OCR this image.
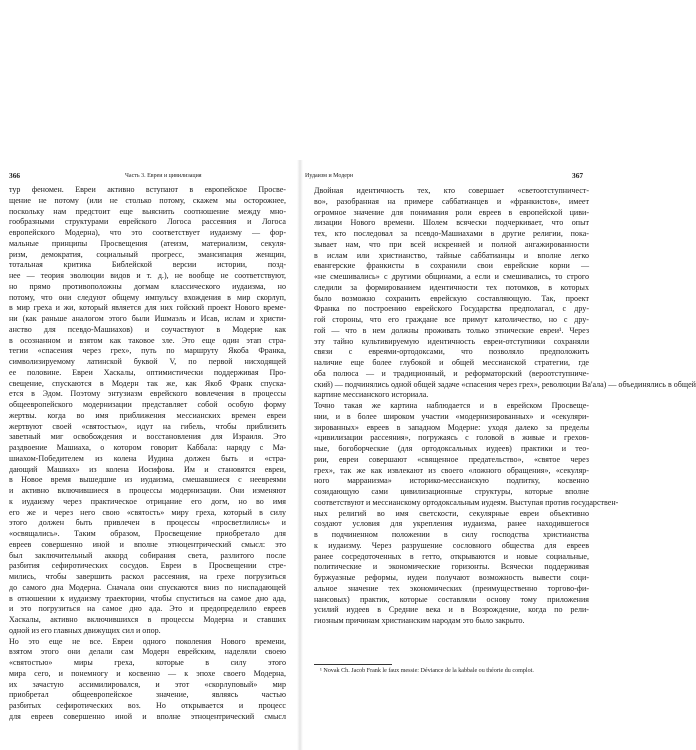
366	Часть 3. Евреи и цивилизация
тур феномен. Евреи активно вступают в европейское Просве-
щение не потому (или не столько потому, скажем мы осторожнее,
поскольку нам предстоит еще выяснить соотношение между мно-
гообразными структурами еврейского Логоса рассеяния и Логоса
европейского Модерна), что это соответствует иудаизму — фор-
мальные принципы Просвещения (атеизм, материализм, секуля-
ризм, демократия, социальный прогресс, эмансипация женщин,
тотальная критика Библейской версии истории, позд-
нее — теория эволюции видов и т. д.), не вообще не соответствуют,
но прямо противоположны догмам классического иудаизма, но
потому, что они следуют общему импульсу вхождения в мир скорлуп,
в мир греха и жи, который является для них гойский проект Нового време-
ни (как раньше аналогом этого были Ишмаэль и Исав, ислам и христи-
анство для псевдо-Машиахов) и соучаствуют в Модерне как
в осознанном и взятом как таковое зле. Это еще один этап стра-
тегии «спасения через грех», путь по маршруту Якоба Франка,
символизируемому латинской буквой V, по первой нисходящей
ее половине. Евреи Хаскалы, оптимистически поддерживая Про-
свещение, спускаются в Модерн так же, как Якоб Франк спуска-
ется в Эдом. Поэтому энтузиазм еврейского вовлечения в процессы
общеевропейского модернизации представляет собой особую форму
жертвы. когда во имя приближения мессианских времен евреи
жертвуют своей «святостью», идут на гибель, чтобы приблизить
заветный миг освобождения и восстановления для Израиля. Это
раздвоение Машиаха, о котором говорит Каббала: наряду с Ма-
шиахом-Победителем из колена Иудина должен быть и «стра-
дающий Машиах» из колена Иосифова. Им и становятся евреи,
в Новое время вышедшие из иудаизма, смешавшиеся с неевреями
и активно включившиеся в процессы модернизации. Они изменяют
к иудаизму через практическое отрицание его догм, но во имя
его же и через него свою «святость» миру греха, который в силу
этого должен быть привлечен в процессы «просветлились» и
«освящались». Таким образом, Просвещение приобретало для
евреев совершенно иной и вполне этноцентрический смысл: это
был заключительный аккорд собирания света, разлитого после
разбития сефиротических сосудов. Евреи в Просвещении стре-
мились, чтобы завершить раскол рассеяния, на грехе погрузиться
до самого дна Модерна. Сначала они спускаются вниз по ниспадающей
в отношении к иудаизму траектории, чтобы спуститься на самое дно ада,
и это погрузиться на самое дно ада. Это и предопределило евреев
Хаскалы, активно включившихся в процессы Модерна и ставших
одной из его главных движущих сил и опор.
Но это еще не все. Евреи одного поколения Нового времени,
взятом этого они делали сам Модерн еврейским, наделяли своею
«святостью» миры греха, которые в силу этого
мира сего, и понемногу и косвенно — к эпохе своего Модерна,
их зачастую ассимилировался, и этот «скорлуповый» мир
приобретал общеевропейское значение, являясь частью
разбитых сефиротических воз. Но открывается и процесс
для евреев совершенно иной и вполне этноцентрический смысл
Иудаизм и Модерн	367
Двойная идентичность тех, кто совершает «светоотступничест-
во», разобранная на примере саббатианцев и «франкистов», имеет
огромное значение для понимания роли евреев в европейской циви-
лизации Нового времени. Шолем всячески подчеркивает, что опыт
тех, кто последовал за псевдо-Машиахами в другие религии, пока-
зывает нам, что при всей искренней и полной ангажированности
в ислам или христианство, тайные саббатианцы и вполне легко
евангерские франкисты в сохранили свои еврейские корни —
«не смешивались» с другими общинами, а если и смешивались, то строго
следили за формированием идентичности тех потомков, в которых
было возможно сохранить еврейскую составляющую. Так, проект
Франка по построению еврейского Государства предполагал, с дру-
гой стороны, что его граждане все примут католичество, но с дру-
гой — что в нем должны проживать только этнические евреи¹. Через
эту тайно культивируемую идентичность евреи-отступники сохраняли
связи с евреями-ортодоксами, что позволяло предположить
наличие еще более глубокой и общей мессианской стратегии, где
оба полюса — и традиционный, и реформаторский (вероотступниче-
ский) — подчинялись одной общей задаче «спасения через грех», революции Ва'ала) — объединялись в общей
картине мессианского историала.
Точно такая же картина наблюдается и в еврейском Просвеще-
нии, и в более широком участии «модернизированных» и «секуляри-
зированных» евреев в западном Модерне: уходя далеко за пределы
«цивилизации рассеяния», погружаясь с головой в живые и грехов-
ные, богоборческие (для ортодоксальных иудеев) практики и тео-
рии, евреи совершают «священное предательство», «святое через
грех», так же как извлекают из своего «ложного обращения», «секуляр-
ного марранизма» историко-мессианскую подпитку, косвенно
созидающую сами цивилизационные структуры, которые вполне
соответствуют и мессианскому ортодоксальным иудеям. Выступая против государствен-
ных религий во имя светскости, секулярные евреи объективно
создают условия для укрепления иудаизма, ранее находившегося
в подчиненном положении в силу господства христианства
к иудаизму. Через разрушение сословного общества для евреев
ранее сосредоточенных в гетто, открываются и новые социальные,
политические и экономические горизонты. Всячески поддерживая
буржуазные реформы, иудеи получают возможность вывести соци-
альное значение тех экономических (преимущественно торгово-фи-
нансовых) практик, которые составляли основу тому приложения
усилий иудеев в Средние века и в Возрождение, когда по рели-
гиозным причинам христианским народам это было закрыто.
¹ Novak Ch. Jacob Frank le faux messie: Déviance de la kabbale ou théorie du complot.
